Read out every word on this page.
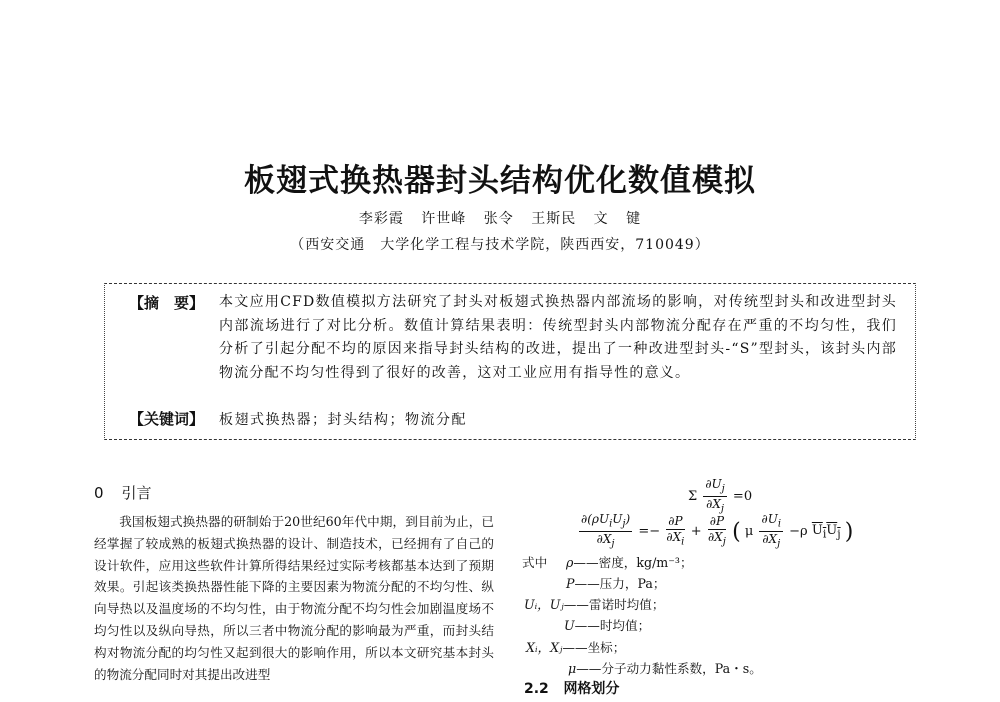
板翅式换热器封头结构优化数值模拟
李彩霞 许世峰 张令 王斯民 文 键
（西安交通　大学化学工程与技术学院，陕西西安，710049）
【摘　要】 本文应用CFD数值模拟方法研究了封头对板翅式换热器内部流场的影响，对传统型封头和改进型封头内部流场进行了对比分析。数值计算结果表明：传统型封头内部物流分配存在严重的不均匀性，我们分析了引起分配不均的原因来指导封头结构的改进，提出了一种改进型封头-“S”型封头，该封头内部物流分配不均匀性得到了很好的改善，这对工业应用有指导性的意义。
【关键词】 板翅式换热器；封头结构；物流分配
0 引言

我国板翅式换热器的研制始于20世纪60年代中期，到目前为止，已经掌握了较成熟的板翅式换热器的设计、制造技术，已经拥有了自己的设计软件，应用这些软件计算所得结果经过实际考核都基本达到了预期效果。引起该类换热器性能下降的主要因素为物流分配的不均匀性、纵向导热以及温度场的不均匀性，由于物流分配不均匀性会加剧温度场不均匀性以及纵向导热，所以三者中物流分配的影响最为严重，而封头结构对物流分配的均匀性又起到很大的影响作用，所以本文研究基本封头的物流分配同时对其提出改进型

Σ $\frac{\partial U_j}{\partial X_j} =0$
$\frac{\partial(\rho U_iU_j)}{\partial X_j} =- \frac{\partial P}{\partial X_i} + \frac{\partial P}{\partial X_j}$ ( μ $\frac{\partial U_i}{\partial X_j} -\rho$ $U_iU_j$ )
式中 ρ——密度，kg/m⁻³；
P——压力，Pa；
Uᵢ，Uⱼ——雷诺时均值；
U——时均值；
Xᵢ，Xⱼ——坐标；
μ——分子动力黏性系数，Pa・s。
2.2 网格划分
